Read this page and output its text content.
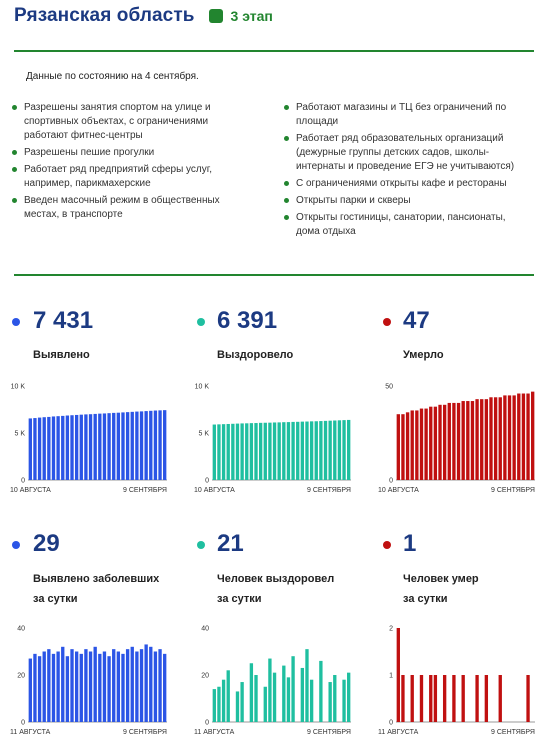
Рязанская область	3 этап
Данные по состоянию на 4 сентября.
Разрешены занятия спортом на улице и спортивных объектах, с ограничениями работают фитнес-центры
Разрешены пешие прогулки
Работает ряд предприятий сферы услуг, например, парикмахерские
Введен масочный режим в общественных местах, в транспорте
Работают магазины и ТЦ без ограничений по площади
Работает ряд образовательных организаций (дежурные группы детских садов, школы-интернаты и проведение ЕГЭ не учитываются)
С ограничениями открыты кафе и рестораны
Открыты парки и скверы
Открыты гостиницы, санатории, пансионаты, дома отдыха
7 431
Выявлено
6 391
Выздоровело
47
Умерло
0
5 K
10 K
10 АВГУСТА	9 СЕНТЯБРЯ
0
5 K
10 K
10 АВГУСТА	9 СЕНТЯБРЯ
0
50
10 АВГУСТА	9 СЕНТЯБРЯ
29
Выявлено заболевших
за сутки
21
Человек выздоровел
за сутки
1
Человек умер
за сутки
0
20
40
11 АВГУСТА	9 СЕНТЯБРЯ
0
20
40
11 АВГУСТА	9 СЕНТЯБРЯ
0
1
2
11 АВГУСТА	9 СЕНТЯБРЯ
